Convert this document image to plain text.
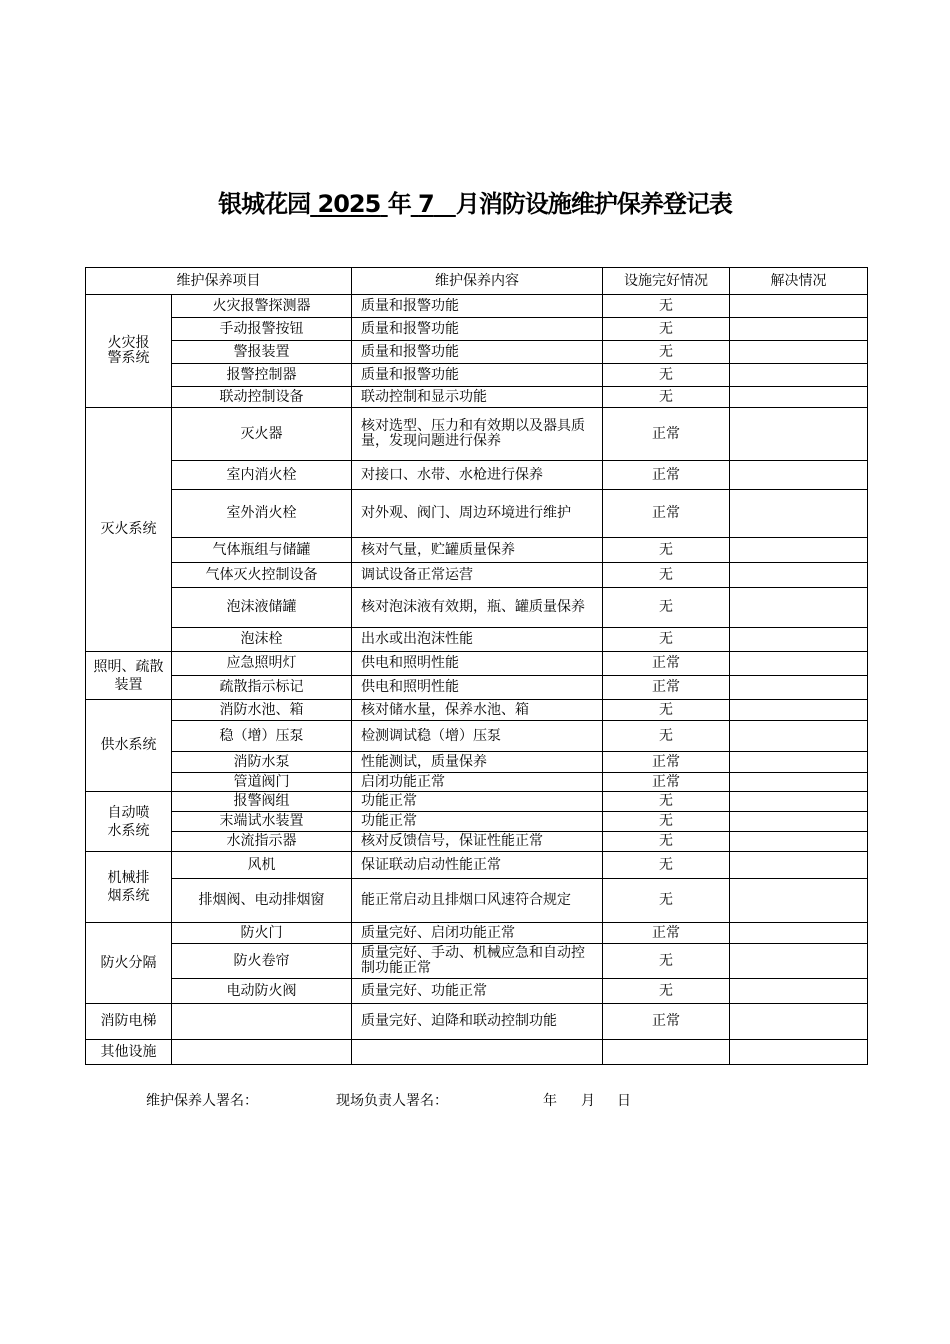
银城花园 2025 年 7 月消防设施维护保养登记表
维护保养项目		维护保养内容	设施完好情况	解决情况

火灾报警系统	火灾报警探测器	质量和报警功能	无	
	手动报警按钮	质量和报警功能	无	
	警报装置	质量和报警功能	无	
	报警控制器	质量和报警功能	无	
	联动控制设备	联动控制和显示功能	无	
灭火系统	灭火器	核对选型、压力和有效期以及器具质量，发现问题进行保养	正常	
	室内消火栓	对接口、水带、水枪进行保养	正常	
	室外消火栓	对外观、阀门、周边环境进行维护	正常	
	气体瓶组与储罐	核对气量，贮罐质量保养	无	
	气体灭火控制设备	调试设备正常运营	无	
	泡沫液储罐	核对泡沫液有效期，瓶、罐质量保养	无	
	泡沫栓	出水或出泡沫性能	无	

照明、疏散装置	应急照明灯	供电和照明性能	正常	
	疏散指示标记	供电和照明性能	正常	
供水系统	消防水池、箱	核对储水量，保养水池、箱	无	
	稳（增）压泵	检测调试稳（增）压泵	无	
	消防水泵	性能测试，质量保养	正常	
	管道阀门	启闭功能正常	正常	

自动喷水系统	报警阀组	功能正常	无	
	末端试水装置	功能正常	无	
	水流指示器	核对反馈信号，保证性能正常	无	

机械排烟系统	风机	保证联动启动性能正常	无	
	排烟阀、电动排烟窗	能正常启动且排烟口风速符合规定	无	
防火分隔	防火门	质量完好、启闭功能正常	正常	
	防火卷帘	质量完好、手动、机械应急和自动控制功能正常	无	
	电动防火阀	质量完好、功能正常	无	
消防电梯		质量完好、迫降和联动控制功能	正常	
其他设施				
维护保养人署名：	现场负责人署名：	年 月 日
